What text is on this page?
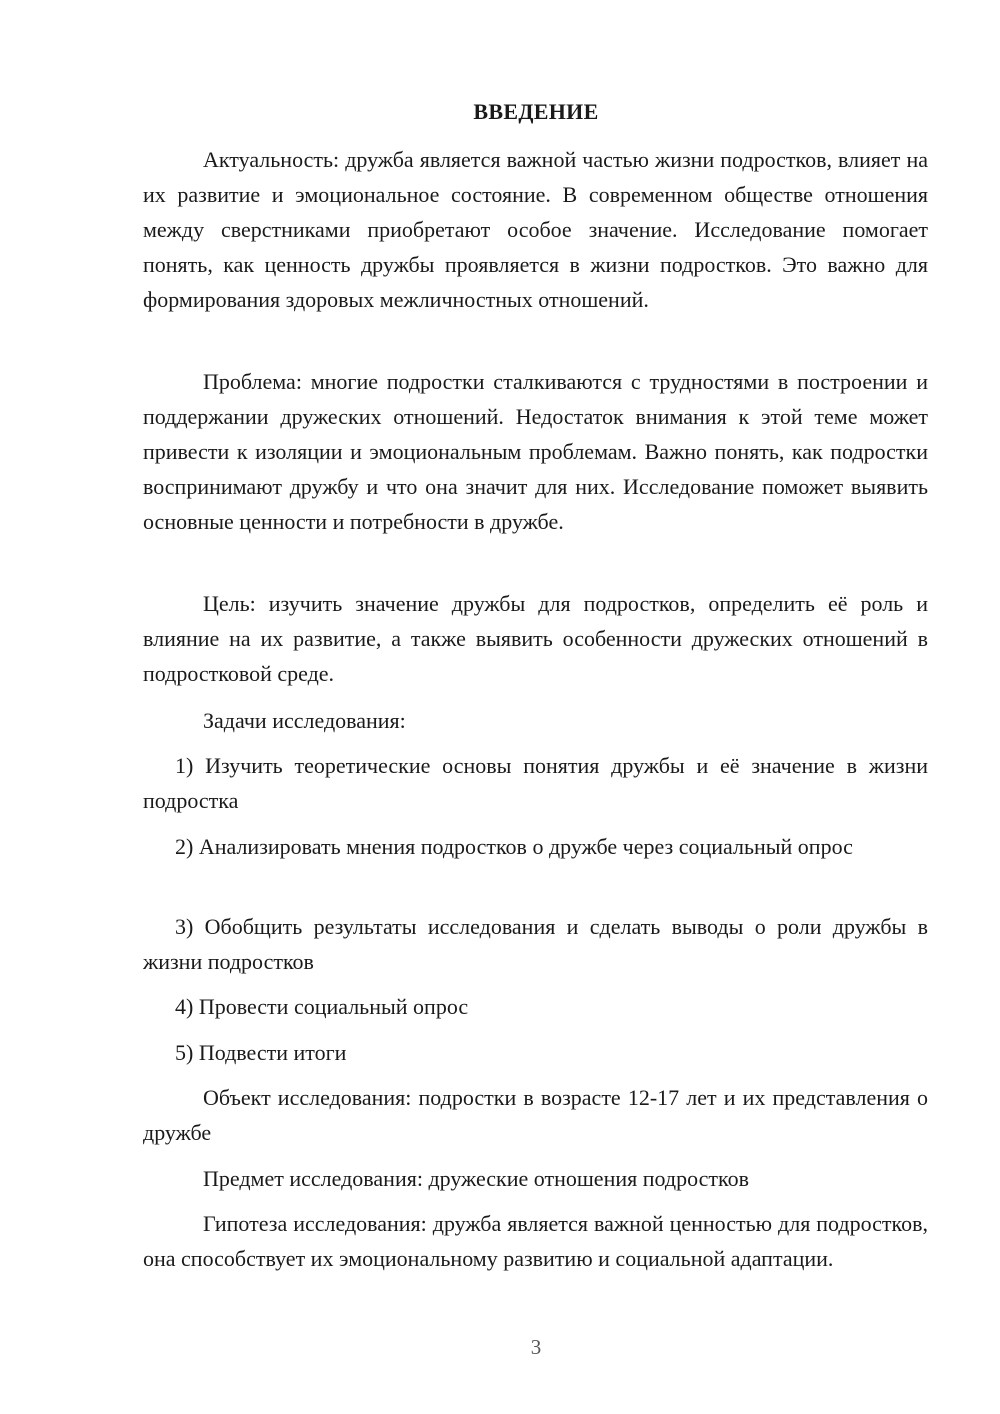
ВВЕДЕНИЕ

Актуальность: дружба является важной частью жизни подростков, влияет на их развитие и эмоциональное состояние. В современном обществе отношения между сверстниками приобретают особое значение. Исследование помогает понять, как ценность дружбы проявляется в жизни подростков. Это важно для формирования здоровых межличностных отношений.

Проблема: многие подростки сталкиваются с трудностями в построении и поддержании дружеских отношений. Недостаток внимания к этой теме может привести к изоляции и эмоциональным проблемам. Важно понять, как подростки воспринимают дружбу и что она значит для них. Исследование поможет выявить основные ценности и потребности в дружбе.

Цель: изучить значение дружбы для подростков, определить её роль и влияние на их развитие, а также выявить особенности дружеских отношений в подростковой среде.

Задачи исследования:

1) Изучить теоретические основы понятия дружбы и её значение в жизни подростка

2) Анализировать мнения подростков о дружбе через социальный опрос

3) Обобщить результаты исследования и сделать выводы о роли дружбы в жизни подростков

4) Провести социальный опрос

5) Подвести итоги

Объект исследования: подростки в возрасте 12-17 лет и их представления о дружбе

Предмет исследования: дружеские отношения подростков

Гипотеза исследования: дружба является важной ценностью для подростков, она способствует их эмоциональному развитию и социальной адаптации.

3
